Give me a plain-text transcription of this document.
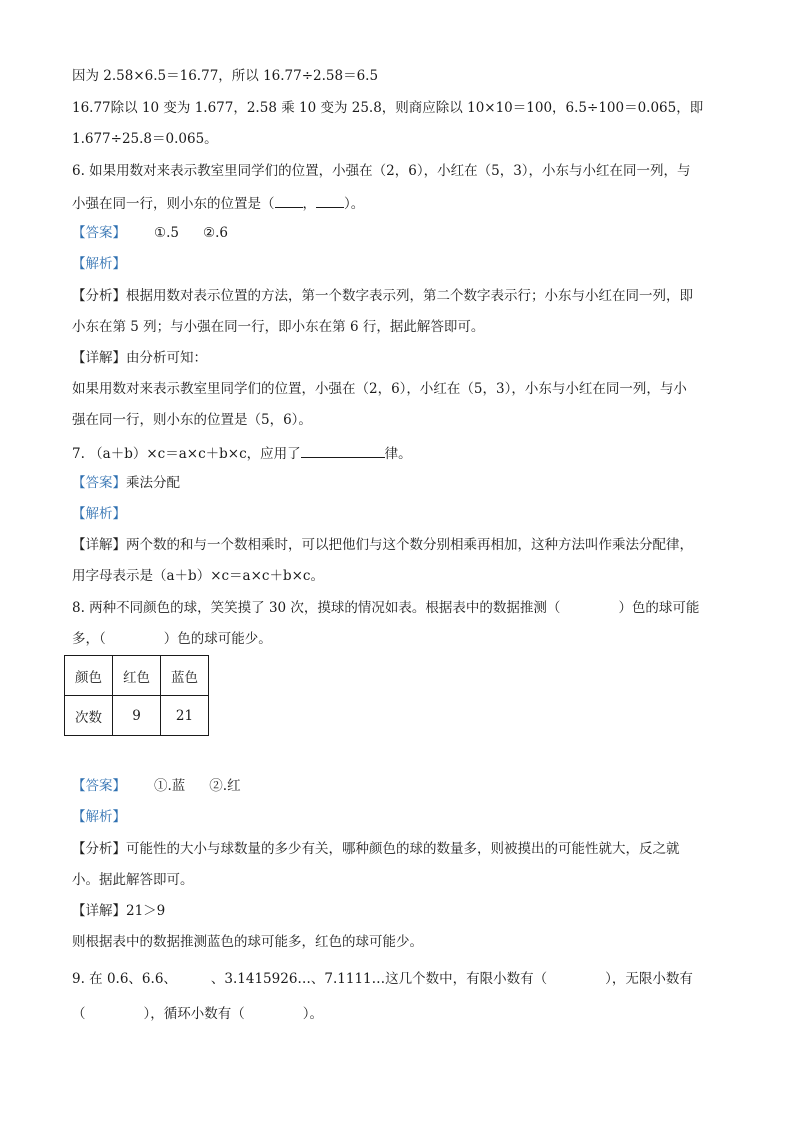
因为 2.58×6.5＝16.77，所以 16.77÷2.58＝6.5
16.77除以 10 变为 1.677，2.58 乘 10 变为 25.8，则商应除以 10×10＝100，6.5÷100＝0.065，即
1.677÷25.8＝0.065。
6. 如果用数对来表示教室里同学们的位置，小强在（2，6），小红在（5，3），小东与小红在同一列，与
小强在同一行，则小东的位置是（ ， ）。
【答案】 ①.5 ②.6
【解析】
【分析】根据用数对表示位置的方法，第一个数字表示列，第二个数字表示行；小东与小红在同一列，即
小东在第 5 列；与小强在同一行，即小东在第 6 行，据此解答即可。
【详解】由分析可知：
如果用数对来表示教室里同学们的位置，小强在（2，6），小红在（5，3），小东与小红在同一列，与小
强在同一行，则小东的位置是（5，6）。
7. （a＋b）×c＝a×c＋b×c，应用了	律。
【答案】乘法分配
【解析】
【详解】两个数的和与一个数相乘时，可以把他们与这个数分别相乘再相加，这种方法叫作乘法分配律，
用字母表示是（a＋b）×c＝a×c＋b×c。
8. 两种不同颜色的球，笑笑摸了 30 次，摸球的情况如表。根据表中的数据推测（	）色的球可能
多，（	）色的球可能少。
颜色	红色	蓝色
次数	9	21
【答案】 ①.蓝 ②.红
【解析】
【分析】可能性的大小与球数量的多少有关，哪种颜色的球的数量多，则被摸出的可能性就大，反之就
小。据此解答即可。
【详解】21＞9
则根据表中的数据推测蓝色的球可能多，红色的球可能少。
9. 在 0.6、6.6、	、3.1415926…、7.1111…这几个数中，有限小数有（	），无限小数有
（	），循环小数有（	）。
